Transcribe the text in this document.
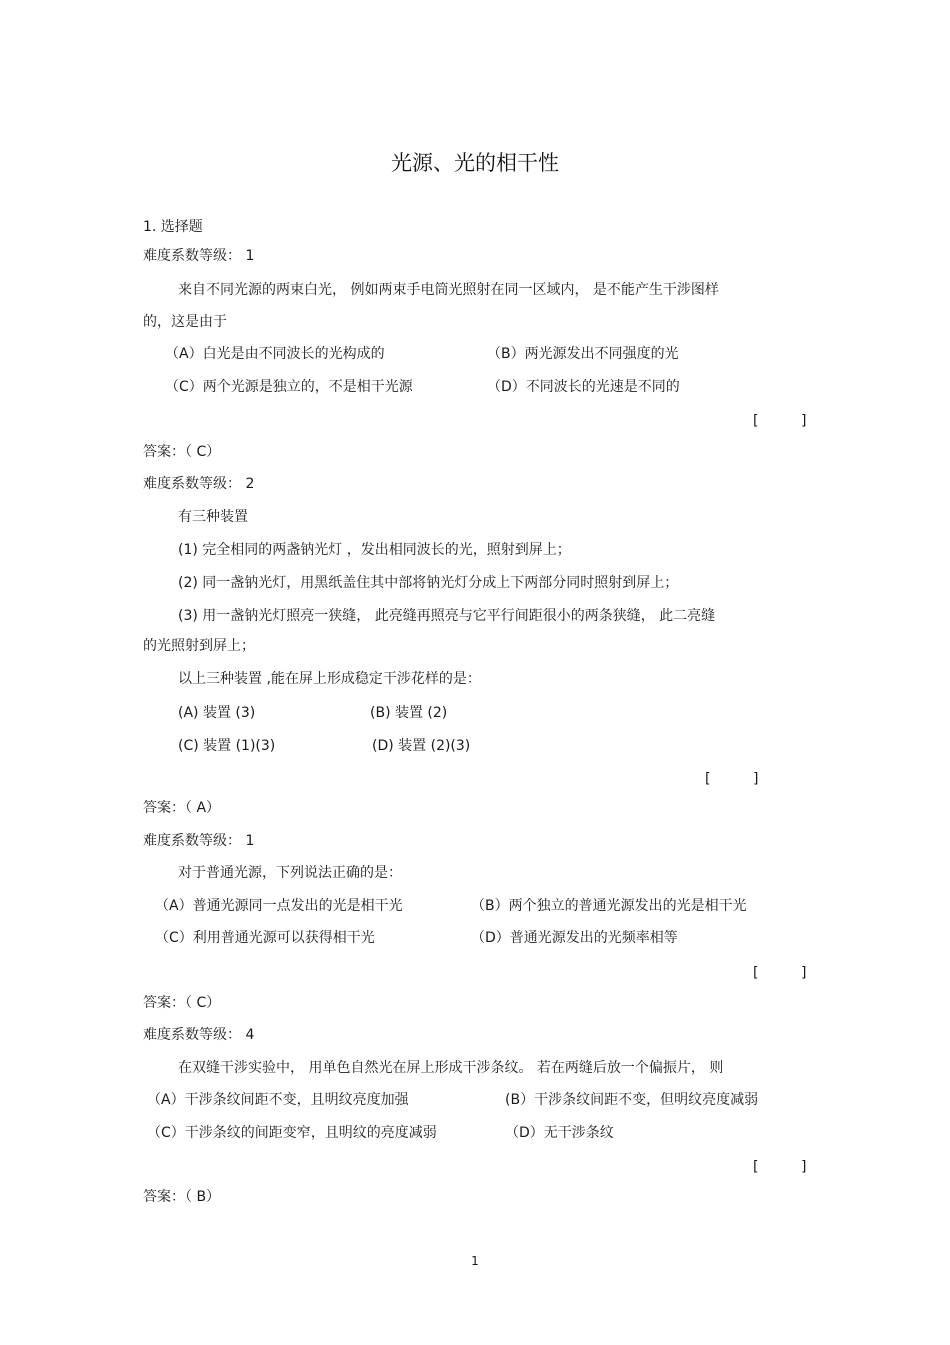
光源、光的相干性
1. 选择题
难度系数等级： 1
来自不同光源的两束白光， 例如两束手电筒光照射在同一区域内， 是不能产生干涉图样
的，这是由于
（A）白光是由不同波长的光构成的	（B）两光源发出不同强度的光
（C）两个光源是独立的，不是相干光源	（D）不同波长的光速是不同的
[	]
答案：（ C）
难度系数等级： 2
有三种装置
(1) 完全相同的两盏钠光灯 ，发出相同波长的光，照射到屏上；
(2) 同一盏钠光灯，用黑纸盖住其中部将钠光灯分成上下两部分同时照射到屏上；
(3) 用一盏钠光灯照亮一狭缝， 此亮缝再照亮与它平行间距很小的两条狭缝， 此二亮缝
的光照射到屏上；
以上三种装置 ,能在屏上形成稳定干涉花样的是：
(A) 装置 (3)	(B) 装置 (2)
(C) 装置 (1)(3)	(D) 装置 (2)(3)
[	]
答案：（ A）
难度系数等级： 1
对于普通光源，下列说法正确的是：
（A）普通光源同一点发出的光是相干光	（B）两个独立的普通光源发出的光是相干光
（C）利用普通光源可以获得相干光	（D）普通光源发出的光频率相等
[	]
答案：（ C）
难度系数等级： 4
在双缝干涉实验中， 用单色自然光在屏上形成干涉条纹。 若在两缝后放一个偏振片， 则
（A）干涉条纹间距不变，且明纹亮度加强	(B）干涉条纹间距不变，但明纹亮度减弱
（C）干涉条纹的间距变窄，且明纹的亮度减弱	（D）无干涉条纹
[	]
答案：（ B）
1
